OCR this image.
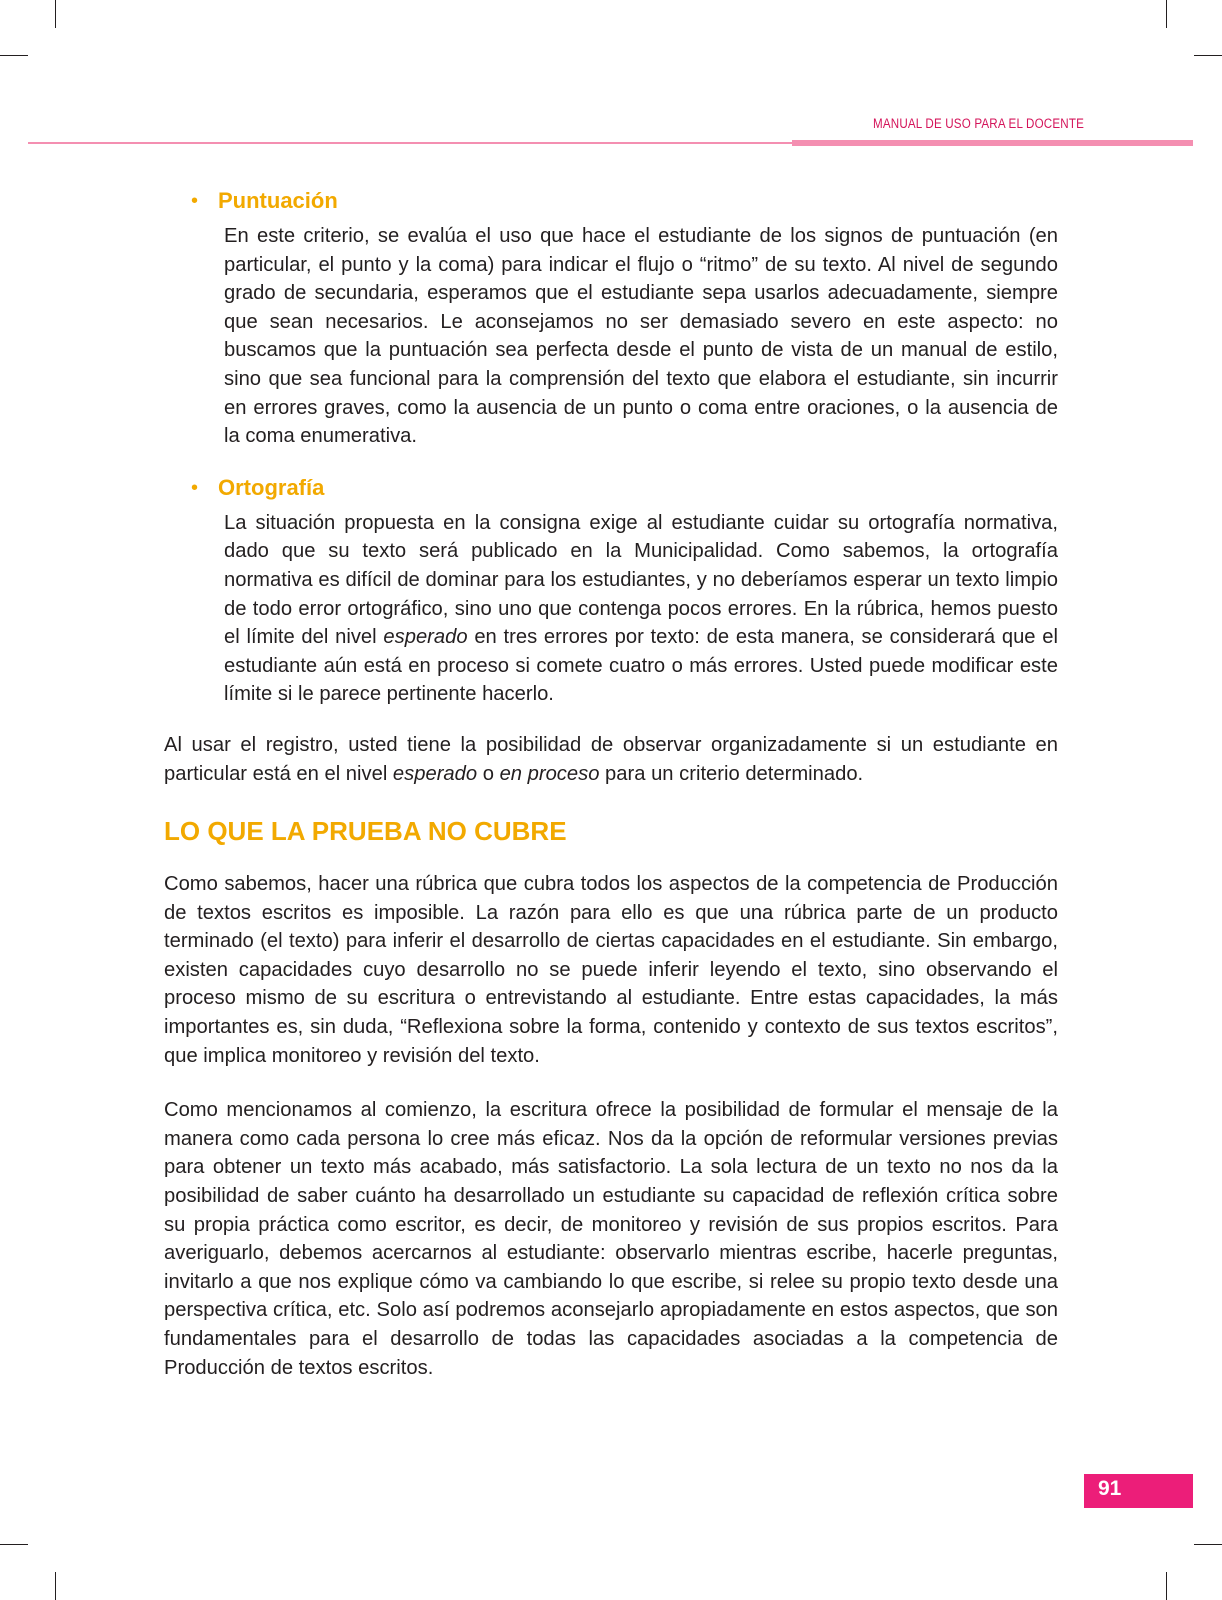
MANUAL DE USO PARA EL DOCENTE
• Puntuación

En este criterio, se evalúa el uso que hace el estudiante de los signos de puntuación (en particular, el punto y la coma) para indicar el flujo o “ritmo” de su texto. Al nivel de segundo grado de secundaria, esperamos que el estudiante sepa usarlos adecuadamente, siempre que sean necesarios. Le aconsejamos no ser demasiado severo en este aspecto: no buscamos que la puntuación sea perfecta desde el punto de vista de un manual de estilo, sino que sea funcional para la comprensión del texto que elabora el estudiante, sin incurrir en errores graves, como la ausencia de un punto o coma entre oraciones, o la ausencia de la coma enumerativa.

• Ortografía

La situación propuesta en la consigna exige al estudiante cuidar su ortografía normativa, dado que su texto será publicado en la Municipalidad. Como sabemos, la ortografía normativa es difícil de dominar para los estudiantes, y no deberíamos esperar un texto limpio de todo error ortográfico, sino uno que contenga pocos errores. En la rúbrica, hemos puesto el límite del nivel esperado en tres errores por texto: de esta manera, se considerará que el estudiante aún está en proceso si comete cuatro o más errores. Usted puede modificar este límite si le parece pertinente hacerlo.

Al usar el registro, usted tiene la posibilidad de observar organizadamente si un estudiante en particular está en el nivel esperado o en proceso para un criterio determinado.

LO QUE LA PRUEBA NO CUBRE

Como sabemos, hacer una rúbrica que cubra todos los aspectos de la competencia de Producción de textos escritos es imposible. La razón para ello es que una rúbrica parte de un producto terminado (el texto) para inferir el desarrollo de ciertas capacidades en el estudiante. Sin embargo, existen capacidades cuyo desarrollo no se puede inferir leyendo el texto, sino observando el proceso mismo de su escritura o entrevistando al estudiante. Entre estas capacidades, la más importantes es, sin duda, “Reflexiona sobre la forma, contenido y contexto de sus textos escritos”, que implica monitoreo y revisión del texto.

Como mencionamos al comienzo, la escritura ofrece la posibilidad de formular el mensaje de la manera como cada persona lo cree más eficaz. Nos da la opción de reformular versiones previas para obtener un texto más acabado, más satisfactorio. La sola lectura de un texto no nos da la posibilidad de saber cuánto ha desarrollado un estudiante su capacidad de reflexión crítica sobre su propia práctica como escritor, es decir, de monitoreo y revisión de sus propios escritos. Para averiguarlo, debemos acercarnos al estudiante: observarlo mientras escribe, hacerle preguntas, invitarlo a que nos explique cómo va cambiando lo que escribe, si relee su propio texto desde una perspectiva crítica, etc. Solo así podremos aconsejarlo apropiadamente en estos aspectos, que son fundamentales para el desarrollo de todas las capacidades asociadas a la competencia de Producción de textos escritos.

91
